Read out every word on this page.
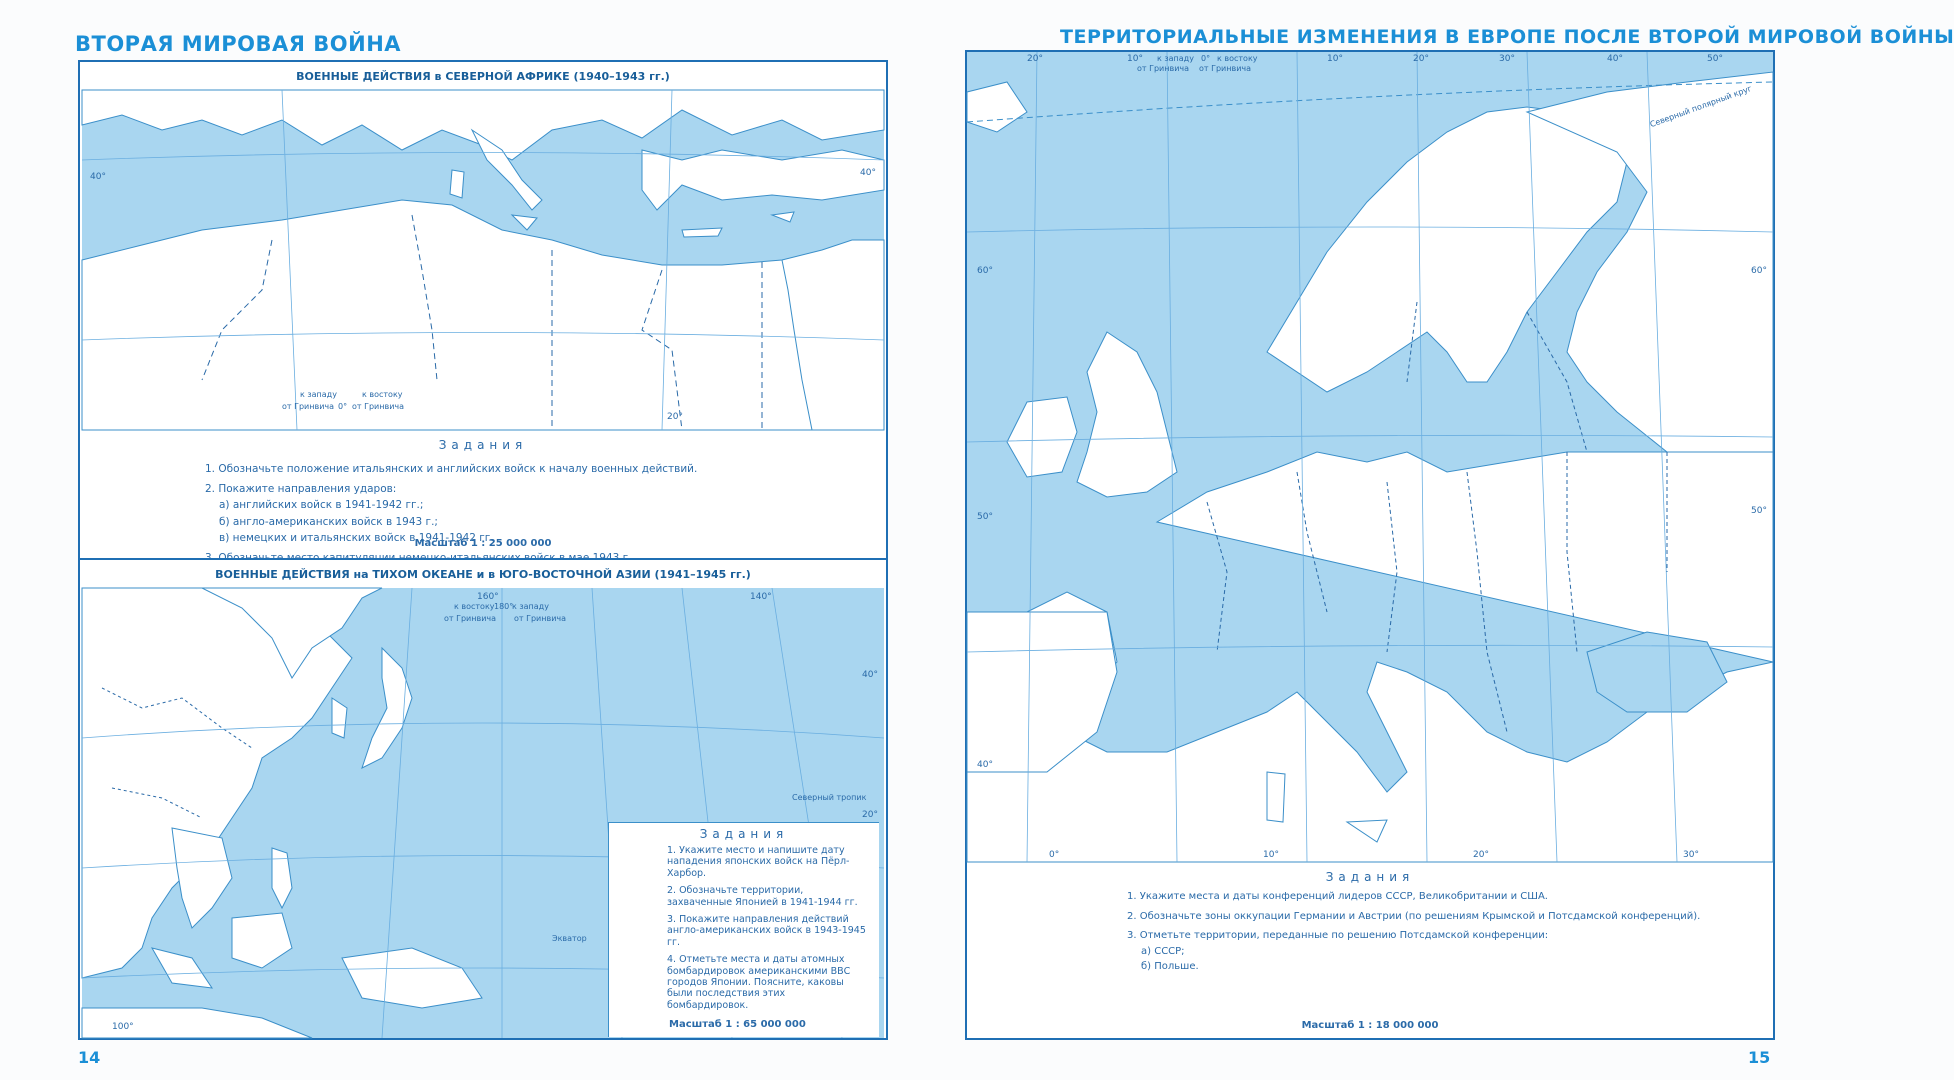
ВТОРАЯ МИРОВАЯ ВОЙНА
ВОЕННЫЕ ДЕЙСТВИЯ в СЕВЕРНОЙ АФРИКЕ (1940–1943 гг.)
40°	40°
20°
к западу	к востоку
от Гринвича 0° от Гринвича
Задания
1. Обозначьте положение итальянских и английских войск к началу военных действий.
2. Покажите направления ударов:
а) английских войск в 1941-1942 гг.;
б) англо-американских войск в 1943 г.;
в) немецких и итальянских войск в 1941-1942 гг.
Масштаб 1 : 25 000 000
ВОЕННЫЕ ДЕЙСТВИЯ на ТИХОМ ОКЕАНЕ и в ЮГО-ВОСТОЧНОЙ АЗИИ (1941–1945 гг.)
к востоку к западу
от Гринвича
180°
от Гринвича
160°	140°
40°
20°
100°
Северный тропик
Экватор
Задания
1. Укажите место и напишите дату нападения японских войск на Пёрл-Харбор.
2. Обозначьте территории, захваченные Японией в 1941-1944 гг.
3. Покажите направления действий англо-американских войск в 1943-1945 гг.
4. Отметьте места и даты атомных бомбардировок американскими ВВС городов Японии. Поясните, каковы были последствия этих бомбардировок.
Масштаб 1 : 65 000 000
14
ТЕРРИТОРИАЛЬНЫЕ ИЗМЕНЕНИЯ В ЕВРОПЕ ПОСЛЕ ВТОРОЙ МИРОВОЙ ВОЙНЫ
к западу 0° к востоку
от Гринвича от Гринвича
20°	10°	10°	20°	30°	40°	50°
0°	10°	20°	30°
60°	60°
50°
50°
40°
Северный полярный круг
Задания
1. Укажите места и даты конференций лидеров СССР, Великобритании и США.
2. Обозначьте зоны оккупации Германии и Австрии (по решениям Крымской и Потсдамской конференций).
3. Отметьте территории, переданные по решению Потсдамской конференции:
а) СССР;
б) Польше.
Масштаб 1 : 18 000 000
15
